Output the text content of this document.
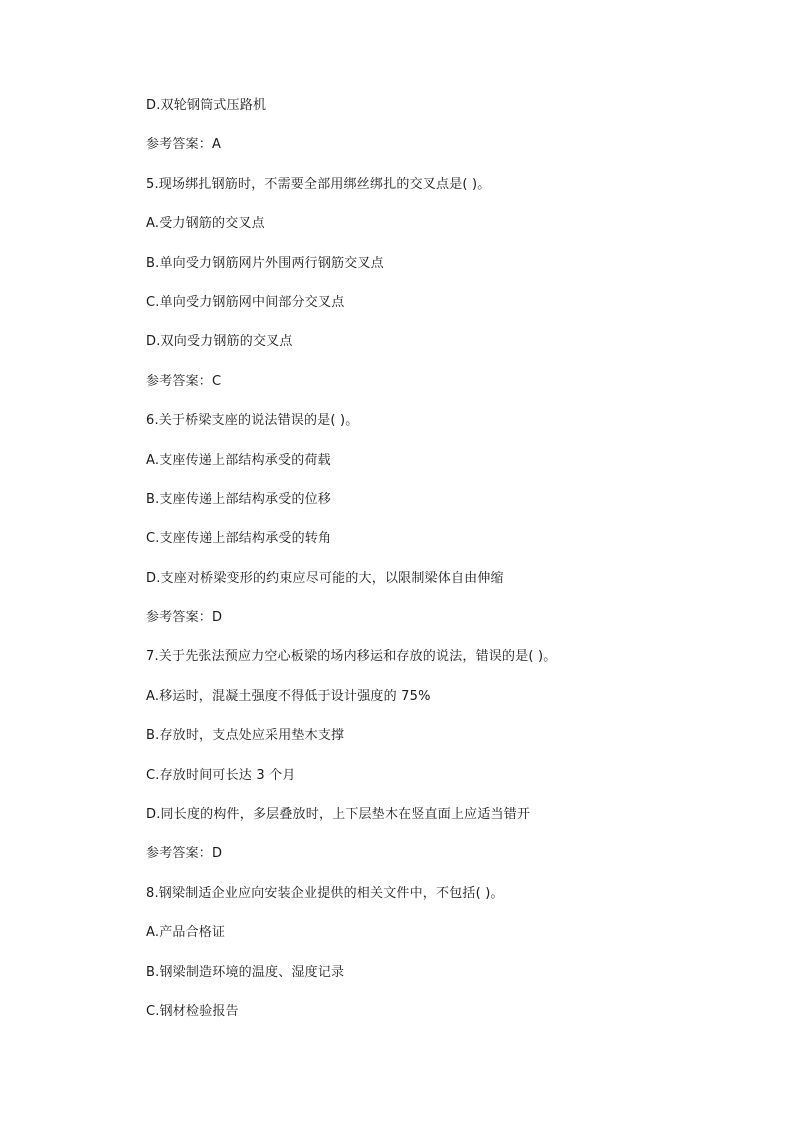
D.双轮钢筒式压路机
参考答案：A
5.现场绑扎钢筋时，不需要全部用绑丝绑扎的交叉点是( )。
A.受力钢筋的交叉点
B.单向受力钢筋网片外围两行钢筋交叉点
C.单向受力钢筋网中间部分交叉点
D.双向受力钢筋的交叉点
参考答案：C
6.关于桥梁支座的说法错误的是( )。
A.支座传递上部结构承受的荷载
B.支座传递上部结构承受的位移
C.支座传递上部结构承受的转角
D.支座对桥梁变形的约束应尽可能的大，以限制梁体自由伸缩
参考答案：D
7.关于先张法预应力空心板梁的场内移运和存放的说法，错误的是( )。
A.移运时，混凝土强度不得低于设计强度的 75%
B.存放时，支点处应采用垫木支撑
C.存放时间可长达 3 个月
D.同长度的构件，多层叠放时，上下层垫木在竖直面上应适当错开
参考答案：D
8.钢梁制适企业应向安装企业提供的相关文件中，不包括( )。
A.产品合格证
B.钢梁制造环境的温度、湿度记录
C.钢材检验报告
